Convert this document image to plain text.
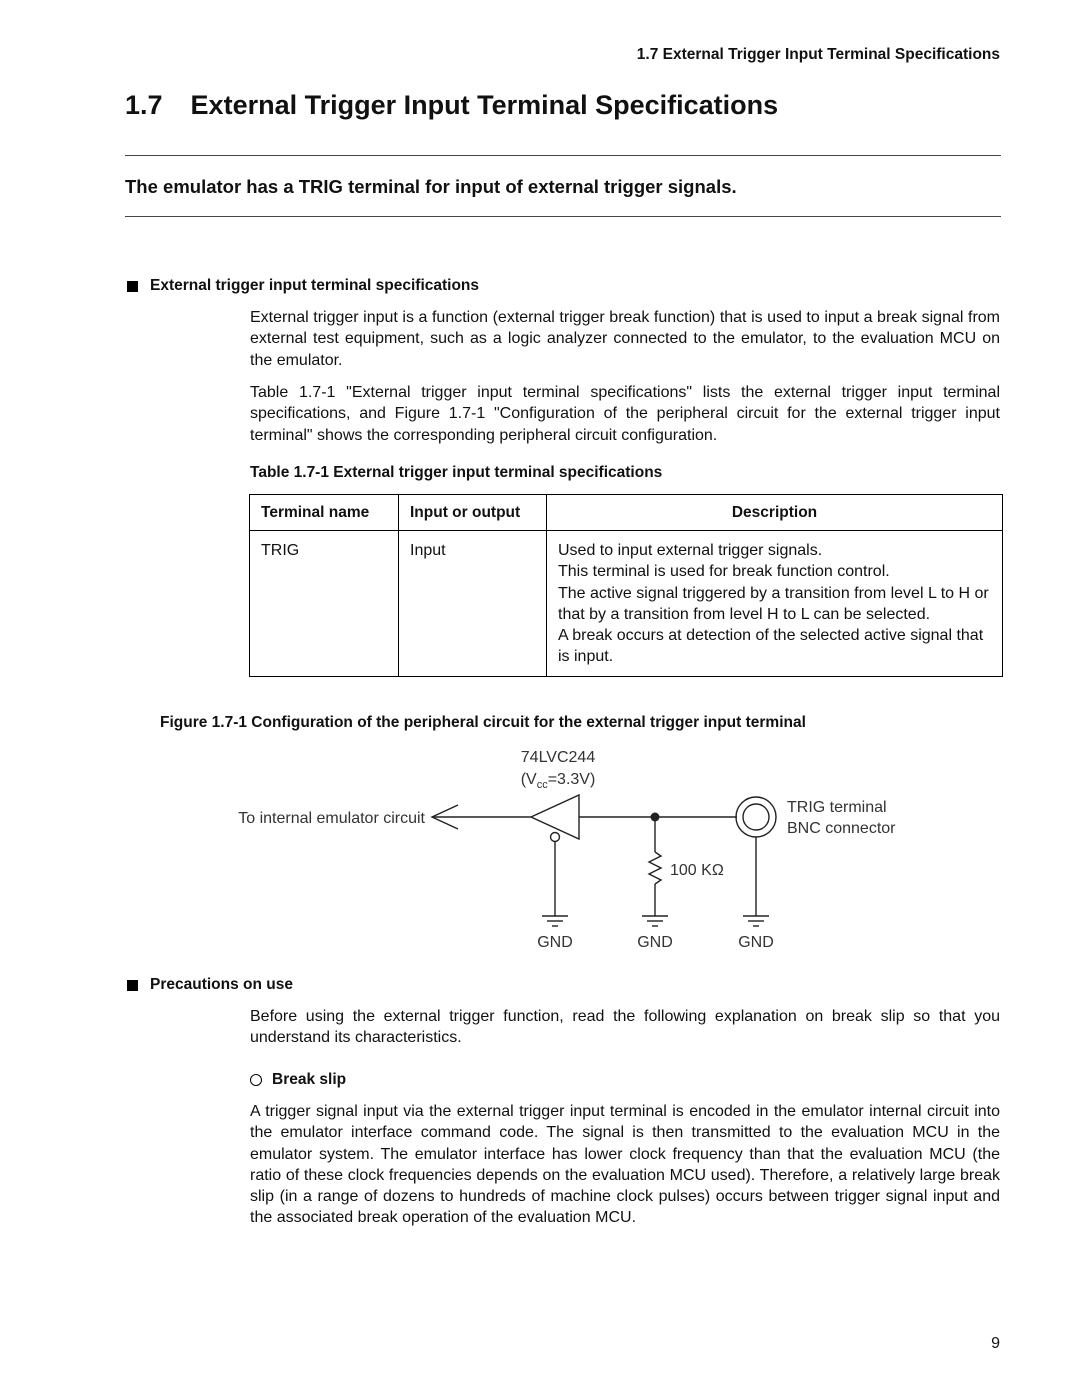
1.7 External Trigger Input Terminal Specifications
1.7 External Trigger Input Terminal Specifications
The emulator has a TRIG terminal for input of external trigger signals.
External trigger input terminal specifications
External trigger input is a function (external trigger break function) that is used to input a break signal from external test equipment, such as a logic analyzer connected to the emulator, to the evaluation MCU on the emulator.
Table 1.7-1 "External trigger input terminal specifications" lists the external trigger input terminal specifications, and Figure 1.7-1 "Configuration of the peripheral circuit for the external trigger input terminal" shows the corresponding peripheral circuit configuration.
Table 1.7-1 External trigger input terminal specifications
Terminal name	Input or output	Description
TRIG	Input	Used to input external trigger signals.
This terminal is used for break function control.
The active signal triggered by a transition from level L to H or that by a transition from level H to L can be selected.
A break occurs at detection of the selected active signal that is input.
Figure 1.7-1 Configuration of the peripheral circuit for the external trigger input terminal
74LVC244
$(V_{cc}=3.3V)$
To internal emulator circuit
TRIG terminal
BNC connector
100 KΩ
GND	GND	GND
Precautions on use
Before using the external trigger function, read the following explanation on break slip so that you understand its characteristics.
Break slip
A trigger signal input via the external trigger input terminal is encoded in the emulator internal circuit into the emulator interface command code. The signal is then transmitted to the evaluation MCU in the emulator system. The emulator interface has lower clock frequency than that the evaluation MCU (the ratio of these clock frequencies depends on the evaluation MCU used). Therefore, a relatively large break slip (in a range of dozens to hundreds of machine clock pulses) occurs between trigger signal input and the associated break operation of the evaluation MCU.
9
